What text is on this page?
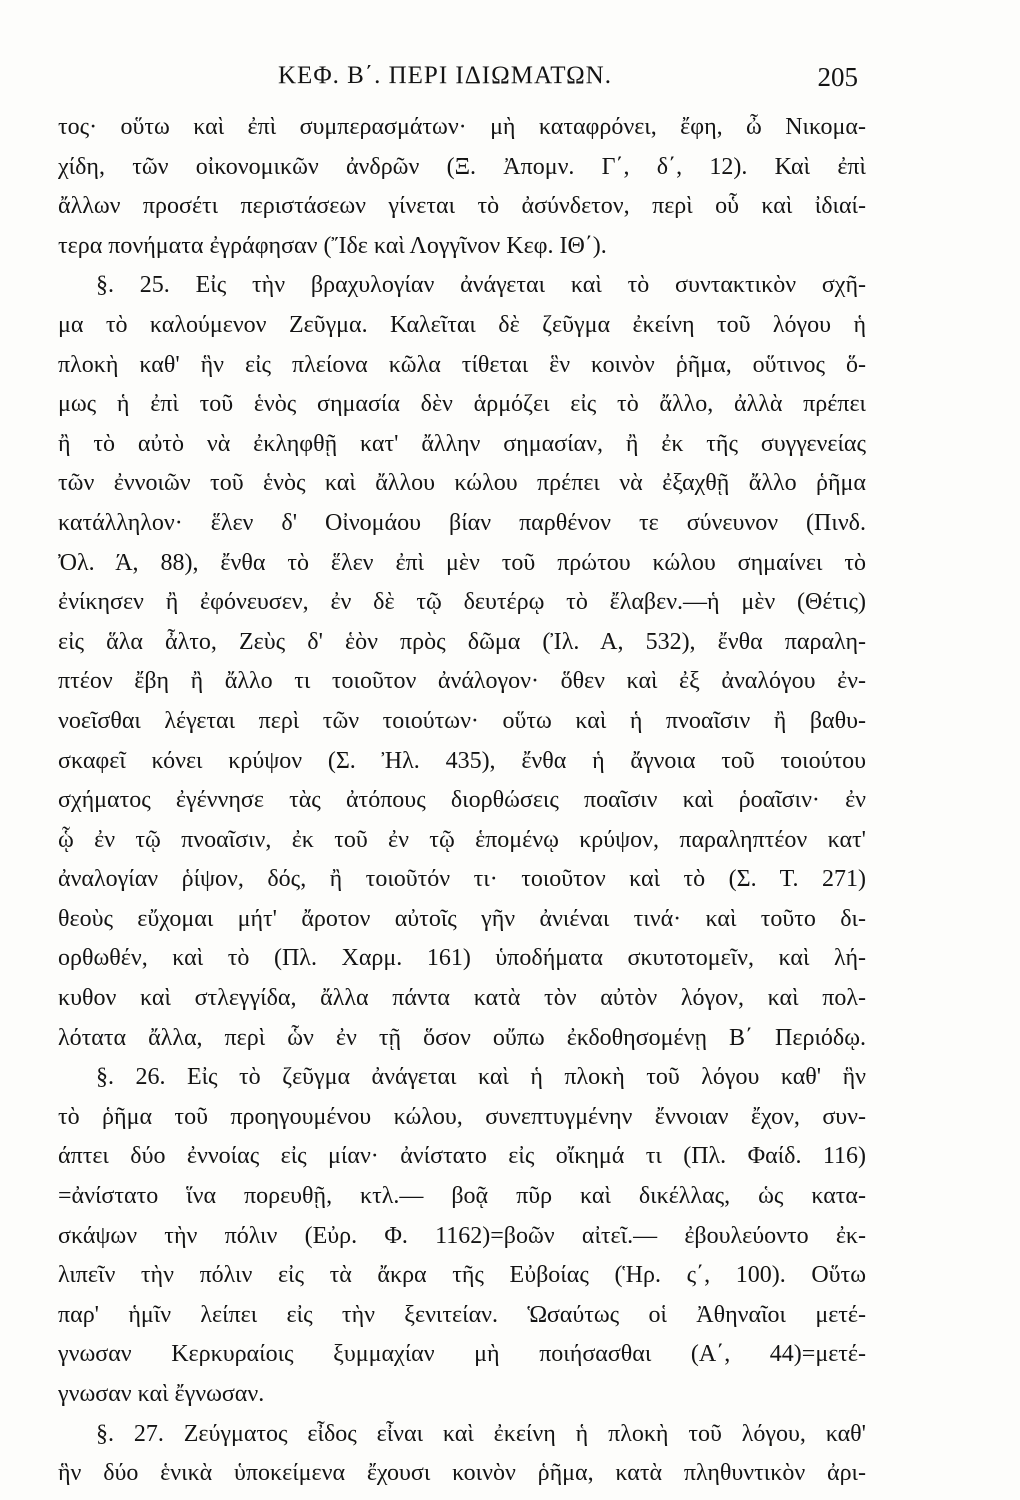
ΚΕΦ. Β΄. ΠΕΡΙ ΙΔΙΩΜΑΤΩΝ.	205
τος· οὕτω καὶ ἐπὶ συμπερασμάτων· μὴ καταφρόνει, ἔφη, ὦ Νικομα-
χίδη, τῶν οἰκονομικῶν ἀνδρῶν (Ξ. Ἀπομν. Γ΄, δ΄, 12). Καὶ ἐπὶ
ἄλλων προσέτι περιστάσεων γίνεται τὸ ἀσύνδετον, περὶ οὗ καὶ ἰδιαί-
τερα πονήματα ἐγράφησαν (Ἴδε καὶ Λογγῖνον Κεφ. ΙΘ΄).
§. 25. Εἰς τὴν βραχυλογίαν ἀνάγεται καὶ τὸ συντακτικὸν σχῆ-
μα τὸ καλούμενον Ζεῦγμα. Καλεῖται δὲ ζεῦγμα ἐκείνη τοῦ λόγου ἡ
πλοκὴ καθ' ἣν εἰς πλείονα κῶλα τίθεται ἓν κοινὸν ῥῆμα, οὕτινος ὅ-
μως ἡ ἐπὶ τοῦ ἑνὸς σημασία δὲν ἁρμόζει εἰς τὸ ἄλλο, ἀλλὰ πρέπει
ἢ τὸ αὐτὸ νὰ ἐκληφθῇ κατ' ἄλλην σημασίαν, ἢ ἐκ τῆς συγγενείας
τῶν ἐννοιῶν τοῦ ἑνὸς καὶ ἄλλου κώλου πρέπει νὰ ἐξαχθῇ ἄλλο ῥῆμα
κατάλληλον· ἕλεν δ' Οἰνομάου βίαν παρθένον τε σύνευνον (Πινδ.
Ὀλ. Ά, 88), ἔνθα τὸ ἕλεν ἐπὶ μὲν τοῦ πρώτου κώλου σημαίνει τὸ
ἐνίκησεν ἢ ἐφόνευσεν, ἐν δὲ τῷ δευτέρῳ τὸ ἔλαβεν.—ἡ μὲν (Θέτις)
εἰς ἅλα ἆλτο, Ζεὺς δ' ἑὸν πρὸς δῶμα (Ἰλ. Α, 532), ἔνθα παραλη-
πτέον ἔβη ἢ ἄλλο τι τοιοῦτον ἀνάλογον· ὅθεν καὶ ἐξ ἀναλόγου ἐν-
νοεῖσθαι λέγεται περὶ τῶν τοιούτων· οὕτω καὶ ἡ πνοαῖσιν ἢ βαθυ-
σκαφεῖ κόνει κρύψον (Σ. Ἠλ. 435), ἔνθα ἡ ἄγνοια τοῦ τοιούτου
σχήματος ἐγέννησε τὰς ἀτόπους διορθώσεις ποαῖσιν καὶ ῥοαῖσιν· ἐν
ᾧ ἐν τῷ πνοαῖσιν, ἐκ τοῦ ἐν τῷ ἑπομένῳ κρύψον, παραληπτέον κατ'
ἀναλογίαν ῥίψον, δός, ἢ τοιοῦτόν τι· τοιοῦτον καὶ τὸ (Σ. Τ. 271)
θεοὺς εὔχομαι μήτ' ἄροτον αὐτοῖς γῆν ἀνιέναι τινά· καὶ τοῦτο δι-
ορθωθέν, καὶ τὸ (Πλ. Χαρμ. 161) ὑποδήματα σκυτοτομεῖν, καὶ λή-
κυθον καὶ στλεγγίδα, ἄλλα πάντα κατὰ τὸν αὐτὸν λόγον, καὶ πολ-
λότατα ἄλλα, περὶ ὧν ἐν τῇ ὅσον οὔπω ἐκδοθησομένῃ Β΄ Περιόδῳ.
§. 26. Εἰς τὸ ζεῦγμα ἀνάγεται καὶ ἡ πλοκὴ τοῦ λόγου καθ' ἣν
τὸ ῥῆμα τοῦ προηγουμένου κώλου, συνεπτυγμένην ἔννοιαν ἔχον, συν-
άπτει δύο ἐννοίας εἰς μίαν· ἀνίστατο εἰς οἴκημά τι (Πλ. Φαίδ. 116)
=ἀνίστατο ἵνα πορευθῇ, κτλ.— βοᾷ πῦρ καὶ δικέλλας, ὡς κατα-
σκάψων τὴν πόλιν (Εὐρ. Φ. 1162)=βοῶν αἰτεῖ.— ἐβουλεύοντο ἐκ-
λιπεῖν τὴν πόλιν εἰς τὰ ἄκρα τῆς Εὐβοίας (Ἡρ. ς΄, 100). Οὕτω
παρ' ἡμῖν λείπει εἰς τὴν ξενιτείαν. Ὡσαύτως οἱ Ἀθηναῖοι μετέ-
γνωσαν Κερκυραίοις ξυμμαχίαν μὴ ποιήσασθαι (Α΄, 44)=μετέ-
γνωσαν καὶ ἔγνωσαν.
§. 27. Ζεύγματος εἶδος εἶναι καὶ ἐκείνη ἡ πλοκὴ τοῦ λόγου, καθ'
ἣν δύο ἑνικὰ ὑποκείμενα ἔχουσι κοινὸν ῥῆμα, κατὰ πληθυντικὸν ἀρι-
